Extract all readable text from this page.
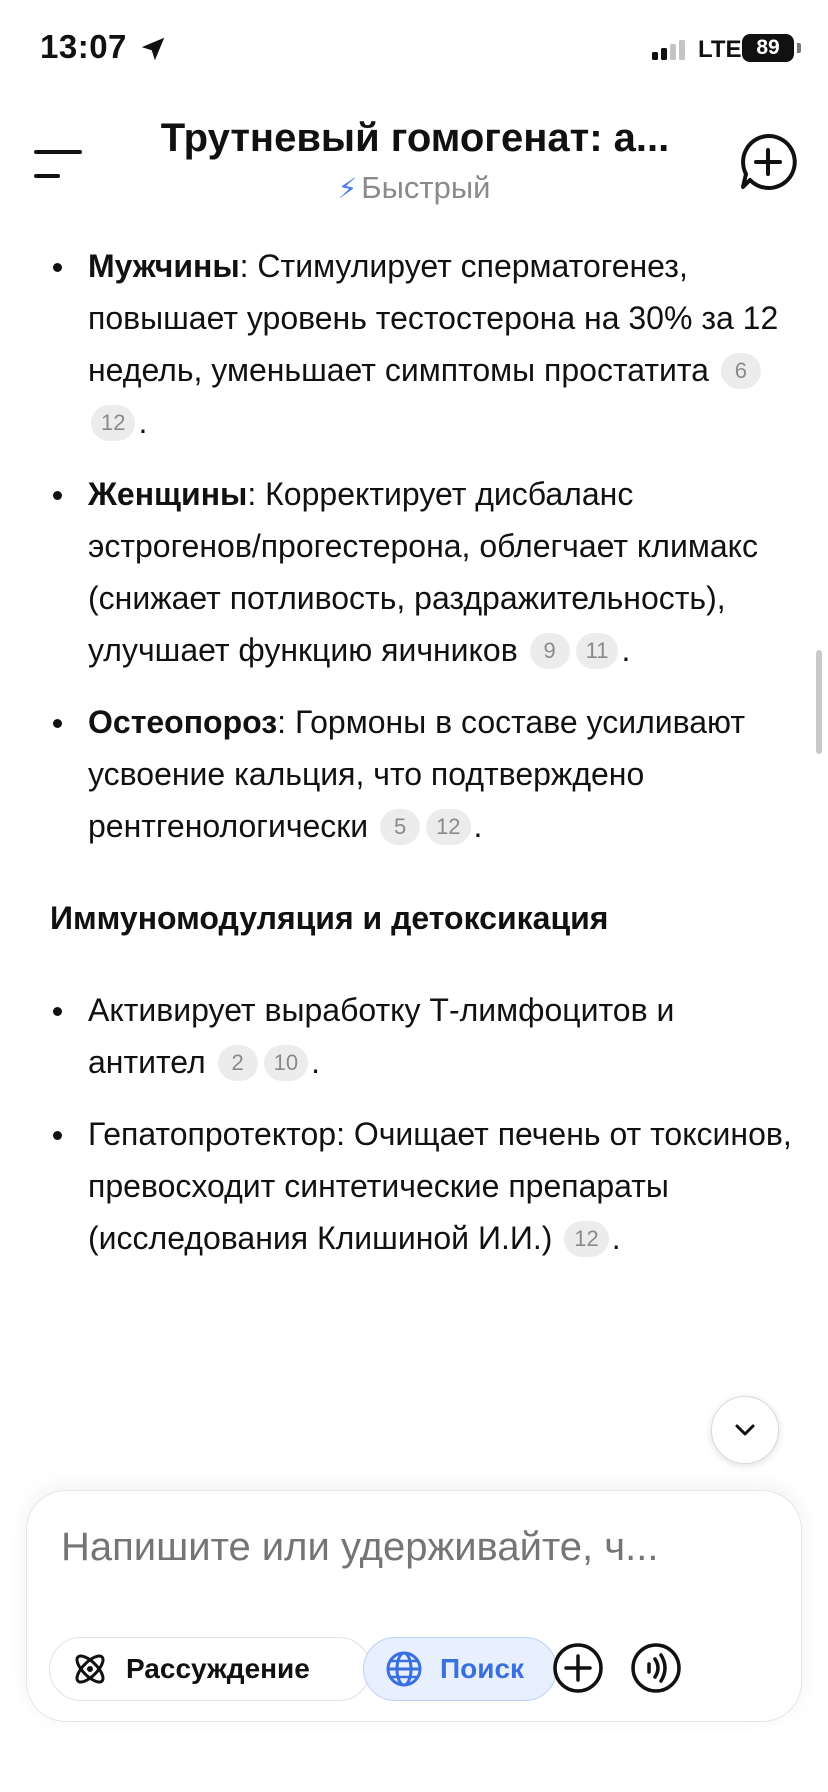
13:07	LTE 89
Трутневый гомогенат: а...
⚡︎ Быстрый
Мужчины: Стимулирует сперматогенез, повышает уровень тестостерона на 30% за 12 недель, уменьшает симптомы простатита 612 .
Женщины: Корректирует дисбаланс эстрогенов/прогестерона, облегчает климакс (снижает потливость, раздражительность), улучшает функцию яичников 9 11 .
Остеопороз: Гормоны в составе усиливают усвоение кальция, что подтверждено рентгенологически 5 12 .
Иммуномодуляция и детоксикация
Активирует выработку Т-лимфоцитов и антител 2 10 .
Гепатопротектор: Очищает печень от токсинов, превосходит синтетические препараты (исследования Клишиной И.И.) 12 .
Напишите или удерживайте, ч...
Рассуждение	Поиск
